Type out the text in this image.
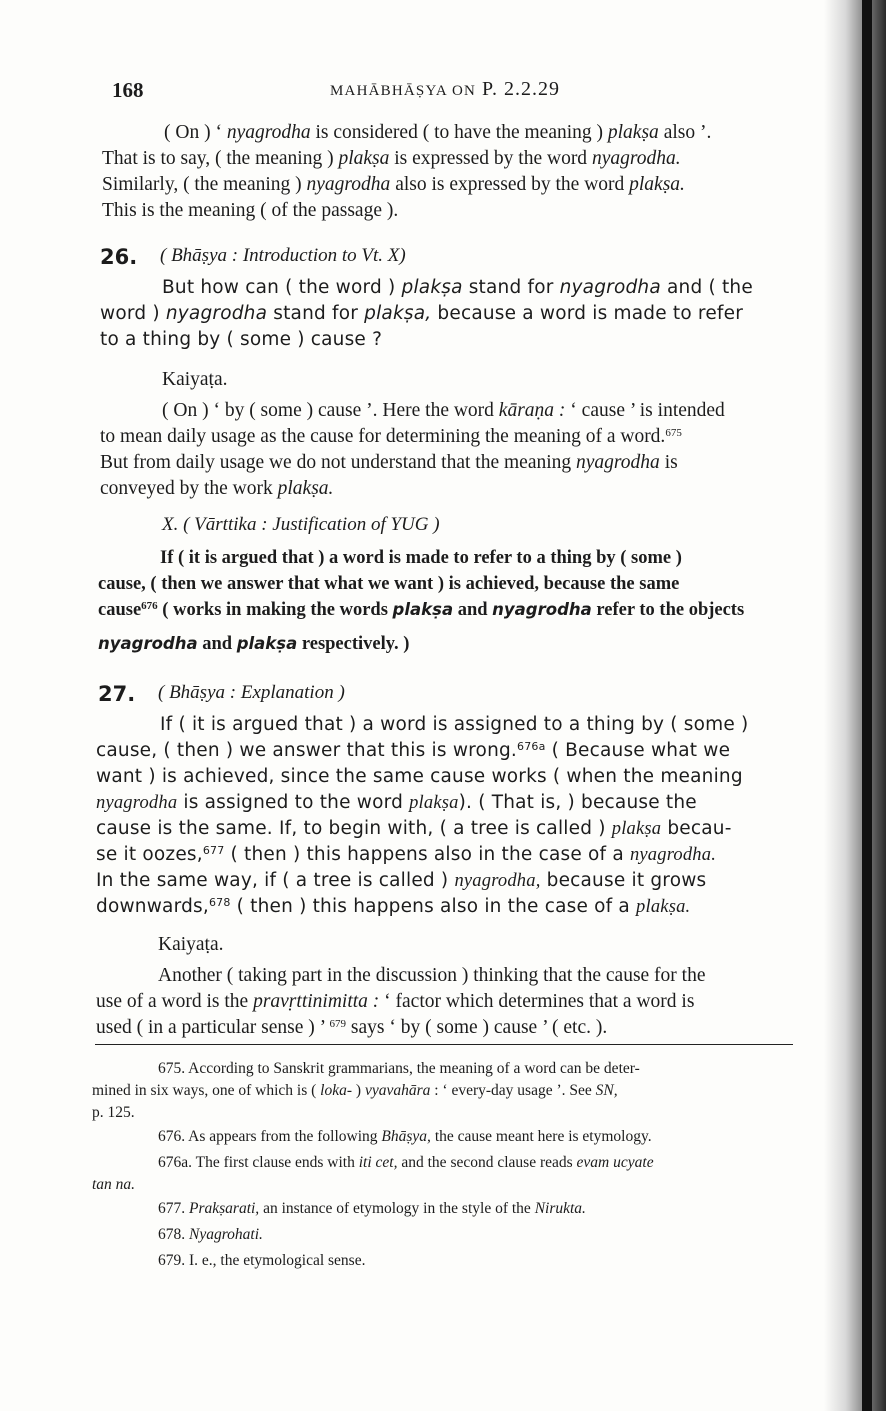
168	MAHĀBHĀṢYA ON P. 2.2.29
( On ) ‘ nyagrodha is considered ( to have the meaning ) plakṣa also ’.
That is to say, ( the meaning ) plakṣa is expressed by the word nyagrodha.
Similarly, ( the meaning ) nyagrodha also is expressed by the word plakṣa.
This is the meaning ( of the passage ).
26. ( Bhāṣya : Introduction to Vt. X)
But how can ( the word ) plakṣa stand for nyagrodha and ( the
word ) nyagrodha stand for plakṣa, because a word is made to refer
to a thing by ( some ) cause ?
Kaiyaṭa.
( On ) ‘ by ( some ) cause ’. Here the word kāraṇa : ‘ cause ’ is intended
to mean daily usage as the cause for determining the meaning of a word.$^{675}$
But from daily usage we do not understand that the meaning nyagrodha is
conveyed by the work plakṣa.
X. ( Vārttika : Justification of YUG )
If ( it is argued that ) a word is made to refer to a thing by ( some )
cause, ( then we answer that what we want ) is achieved, because the same
cause$^{676}$ ( works in making the words plakṣa and nyagrodha refer to the objects
nyagrodha and plakṣa respectively. )
27. ( Bhāṣya : Explanation )
If ( it is argued that ) a word is assigned to a thing by ( some )
cause, ( then ) we answer that this is wrong.$^{676a}$ ( Because what we
want ) is achieved, since the same cause works ( when the meaning
nyagrodha is assigned to the word plakṣa). ( That is, ) because the
cause is the same. If, to begin with, ( a tree is called ) plakṣa becau-
se it oozes,$^{677}$ ( then ) this happens also in the case of a nyagrodha.
In the same way, if ( a tree is called ) nyagrodha, because it grows
downwards,$^{678}$ ( then ) this happens also in the case of a plakṣa.
Kaiyaṭa.
Another ( taking part in the discussion ) thinking that the cause for the
use of a word is the pravṛttinimitta : ‘ factor which determines that a word is
used ( in a particular sense ) ’ $^{679}$ says ‘ by ( some ) cause ’ ( etc. ).
675. According to Sanskrit grammarians, the meaning of a word can be deter-
mined in six ways, one of which is ( loka- ) vyavahāra : ‘ every-day usage ’. See SN,
p. 125.
676. As appears from the following Bhāṣya, the cause meant here is etymology.
676a. The first clause ends with iti cet, and the second clause reads evam ucyate
tan na.
677. Prakṣarati, an instance of etymology in the style of the Nirukta.
678. Nyagrohati.
679. I. e., the etymological sense.
